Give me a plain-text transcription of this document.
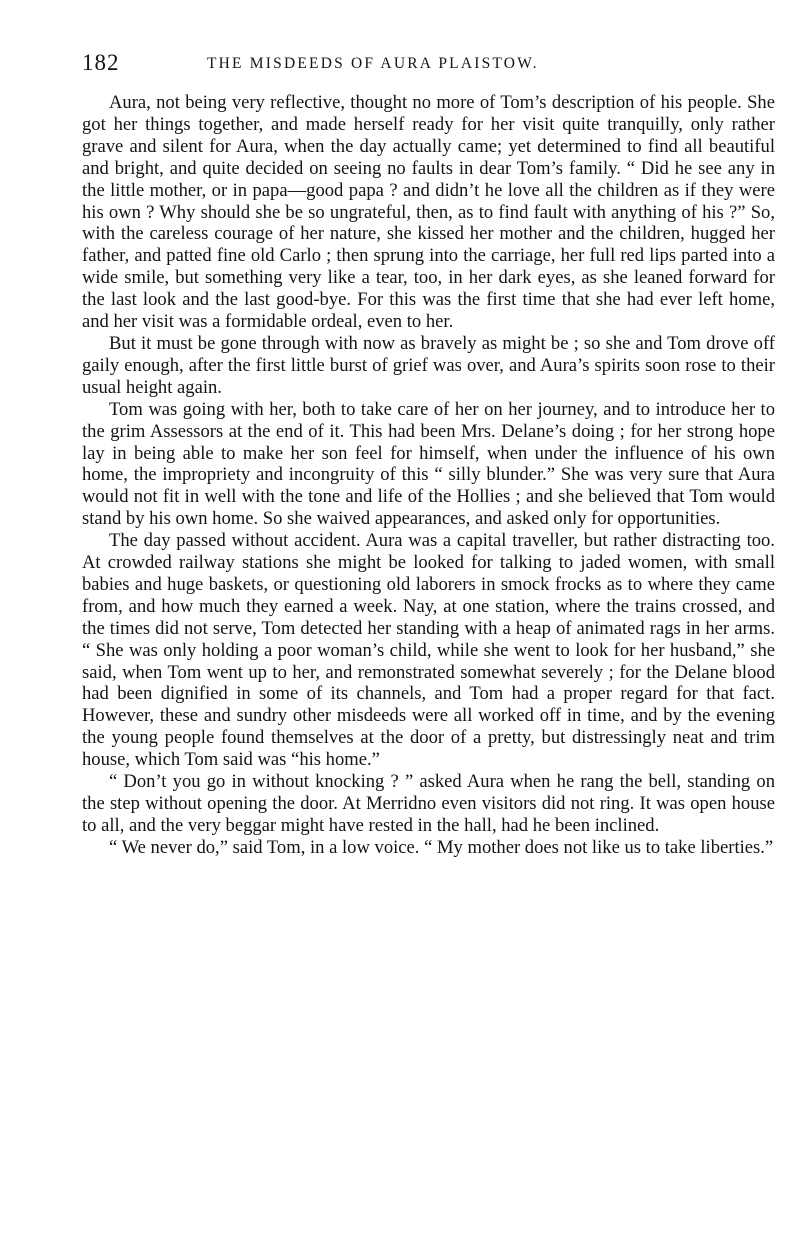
182	THE MISDEEDS OF AURA PLAISTOW.

Aura, not being very reflective, thought no more of Tom’s description of his people. She got her things together, and made herself ready for her visit quite tranquilly, only rather grave and silent for Aura, when the day actually came; yet determined to find all beautiful and bright, and quite decided on seeing no faults in dear Tom’s family. “ Did he see any in the little mother, or in papa—good papa ? and didn’t he love all the children as if they were his own ? Why should she be so ungrateful, then, as to find fault with anything of his ?” So, with the careless courage of her nature, she kissed her mother and the children, hugged her father, and patted fine old Carlo ; then sprung into the carriage, her full red lips parted into a wide smile, but something very like a tear, too, in her dark eyes, as she leaned forward for the last look and the last good-bye. For this was the first time that she had ever left home, and her visit was a formidable ordeal, even to her.

But it must be gone through with now as bravely as might be ; so she and Tom drove off gaily enough, after the first little burst of grief was over, and Aura’s spirits soon rose to their usual height again.

Tom was going with her, both to take care of her on her journey, and to introduce her to the grim Assessors at the end of it. This had been Mrs. Delane’s doing ; for her strong hope lay in being able to make her son feel for himself, when under the influence of his own home, the impropriety and incongruity of this “ silly blunder.” She was very sure that Aura would not fit in well with the tone and life of the Hollies ; and she believed that Tom would stand by his own home. So she waived appearances, and asked only for opportunities.

The day passed without accident. Aura was a capital traveller, but rather distracting too. At crowded railway stations she might be looked for talking to jaded women, with small babies and huge baskets, or questioning old laborers in smock frocks as to where they came from, and how much they earned a week. Nay, at one station, where the trains crossed, and the times did not serve, Tom detected her standing with a heap of animated rags in her arms. “ She was only holding a poor woman’s child, while she went to look for her husband,” she said, when Tom went up to her, and remonstrated somewhat severely ; for the Delane blood had been dignified in some of its channels, and Tom had a proper regard for that fact. However, these and sundry other misdeeds were all worked off in time, and by the evening the young people found themselves at the door of a pretty, but distressingly neat and trim house, which Tom said was “his home.”

“ Don’t you go in without knocking ? ” asked Aura when he rang the bell, standing on the step without opening the door. At Merridno even visitors did not ring. It was open house to all, and the very beggar might have rested in the hall, had he been inclined.

“ We never do,” said Tom, in a low voice. “ My mother does not like us to take liberties.”
